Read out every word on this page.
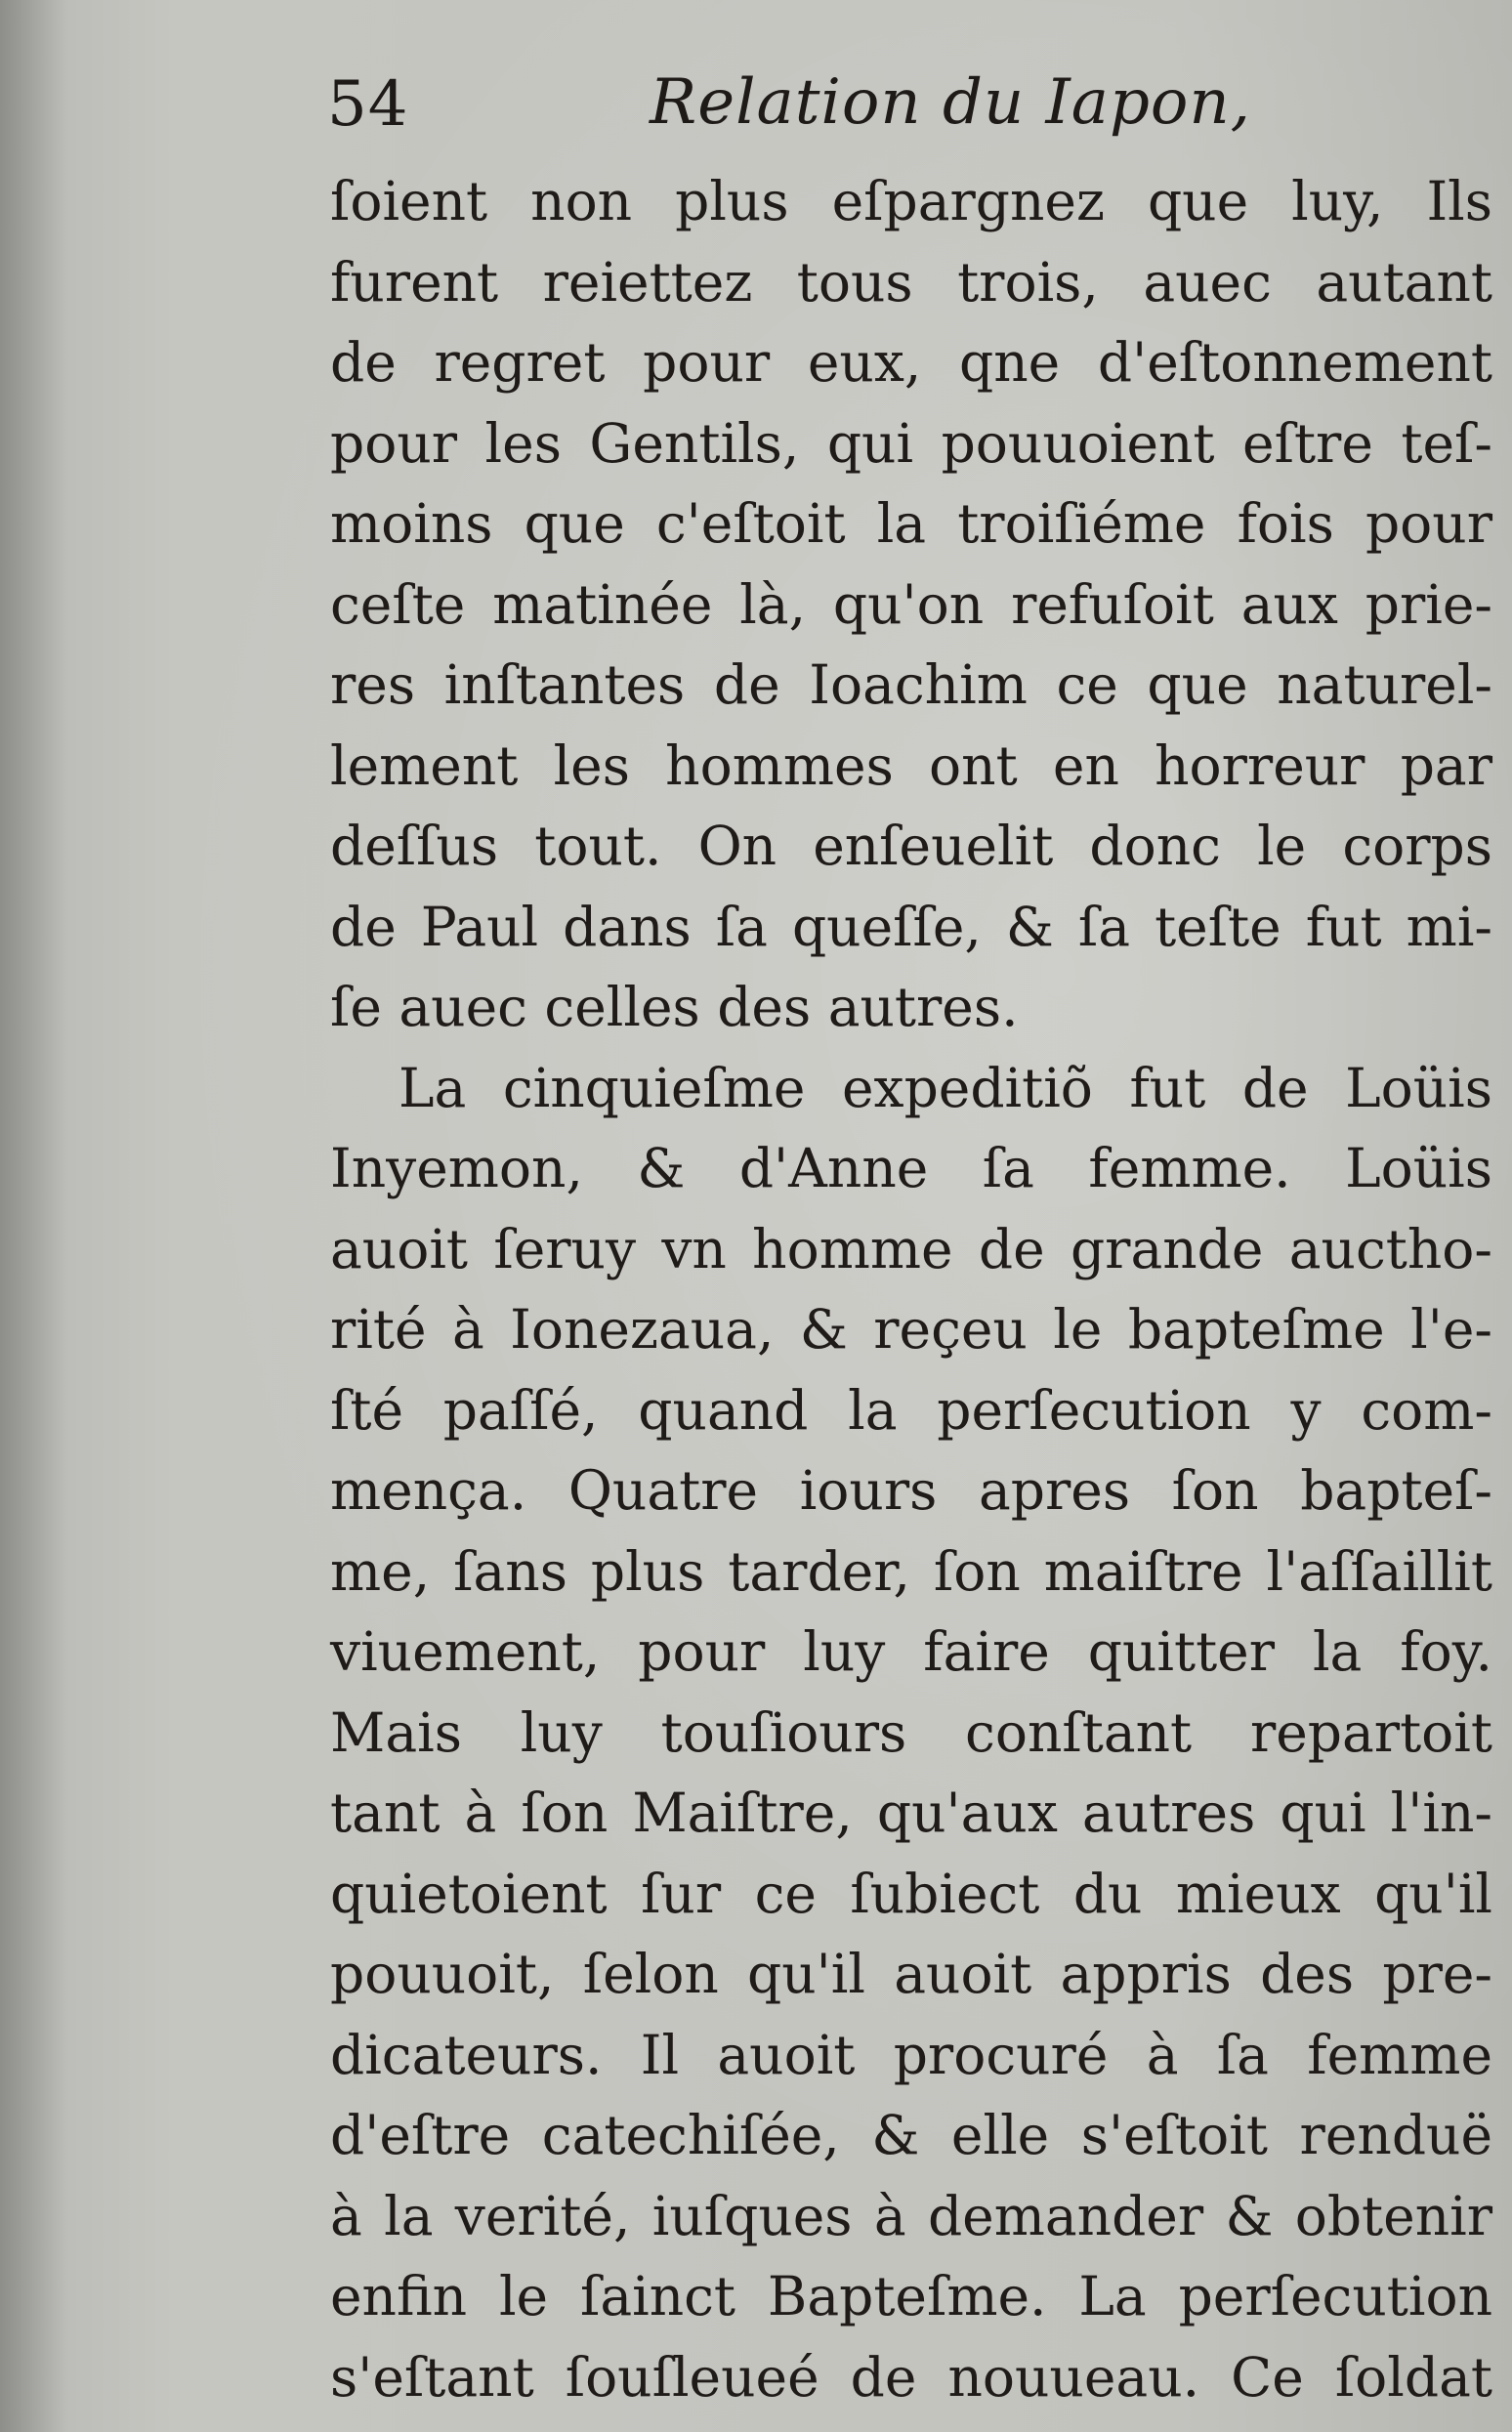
54	Relation du Iapon,
ſoient non plus eſpargnez que luy, Ils
furent reiettez tous trois, auec autant
de regret pour eux, qne d'eſtonnement
pour les Gentils, qui pouuoient eſtre teſ-
moins que c'eſtoit la troiſiéme fois pour
ceſte matinée là, qu'on refuſoit aux prie-
res inſtantes de Ioachim ce que naturel-
lement les hommes ont en horreur par
deſſus tout. On enſeuelit donc le corps
de Paul dans ſa queſſe, & ſa teſte fut mi-
ſe auec celles des autres.
La cinquieſme expeditiõ fut de Loüis
Inyemon, & d'Anne ſa femme. Loüis
auoit ſeruy vn homme de grande auctho-
rité à Ionezaua, & reçeu le bapteſme l'e-
ſté paſſé, quand la perſecution y com-
mença. Quatre iours apres ſon bapteſ-
me, ſans plus tarder, ſon maiſtre l'aſſaillit
viuement, pour luy faire quitter la foy.
Mais luy touſiours conſtant repartoit
tant à ſon Maiſtre, qu'aux autres qui l'in-
quietoient ſur ce ſubiect du mieux qu'il
pouuoit, ſelon qu'il auoit appris des pre-
dicateurs. Il auoit procuré à ſa femme
d'eſtre catechiſée, & elle s'eſtoit renduë
à la verité, iuſques à demander & obtenir
enfin le ſainct Bapteſme. La perſecution
s'eſtant ſouſleueé de nouueau. Ce ſoldat
